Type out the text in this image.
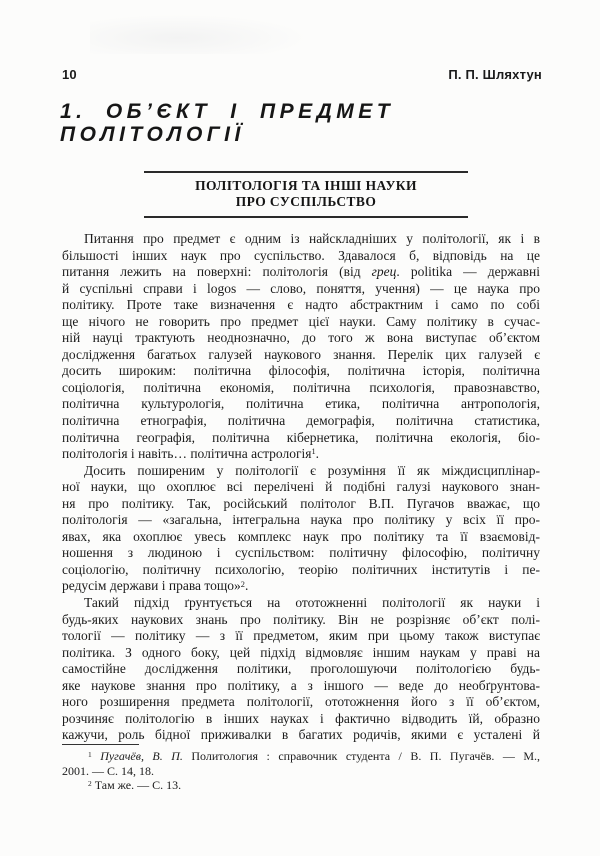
10	П. П. Шляхтун
1. ОБ’ЄКТ І ПРЕДМЕТ
ПОЛІТОЛОГІЇ
ПОЛІТОЛОГІЯ ТА ІНШІ НАУКИ
ПРО СУСПІЛЬСТВО
Питання про предмет є одним із найскладніших у політології, як і в
більшості інших наук про суспільство. Здавалося б, відповідь на це
питання лежить на поверхні: політологія (від грец. politika — державні
й суспільні справи і logos — слово, поняття, учення) — це наука про
політику. Проте таке визначення є надто абстрактним і само по собі
ще нічого не говорить про предмет цієї науки. Саму політику в сучас-
ній науці трактують неоднозначно, до того ж вона виступає об’єктом
дослідження багатьох галузей наукового знання. Перелік цих галузей є
досить широким: політична філософія, політична історія, політична
соціологія, політична економія, політична психологія, правознавство,
політична культурологія, політична етика, політична антропологія,
політична етнографія, політична демографія, політична статистика,
політична географія, політична кібернетика, політична екологія, біо-
політологія і навіть… політична астрологія$^1$.
Досить поширеним у політології є розуміння її як міждисциплінар-
ної науки, що охоплює всі перелічені й подібні галузі наукового знан-
ня про політику. Так, російський політолог В.П. Пугачов вважає, що
політологія — «загальна, інтегральна наука про політику у всіх її про-
явах, яка охоплює увесь комплекс наук про політику та її взаємовід-
ношення з людиною і суспільством: політичну філософію, політичну
соціологію, політичну психологію, теорію політичних інститутів і пе-
редусім держави і права тощо»$^2$.
Такий підхід ґрунтується на ототожненні політології як науки і
будь-яких наукових знань про політику. Він не розрізняє об’єкт полі-
тології — політику — з її предметом, яким при цьому також виступає
політика. З одного боку, цей підхід відмовляє іншим наукам у праві на
самостійне дослідження політики, проголошуючи політологією будь-
яке наукове знання про політику, а з іншого — веде до необґрунтова-
ного розширення предмета політології, ототожнення його з її об’єктом,
розчиняє політологію в інших науках і фактично відводить їй, образно
кажучи, роль бідної приживалки в багатих родичів, якими є усталені й
$^1$ Пугачёв, В. П. Политология : справочник студента / В. П. Пугачёв. — М.,
2001. — С. 14, 18.
$^2$ Там же. — С. 13.
